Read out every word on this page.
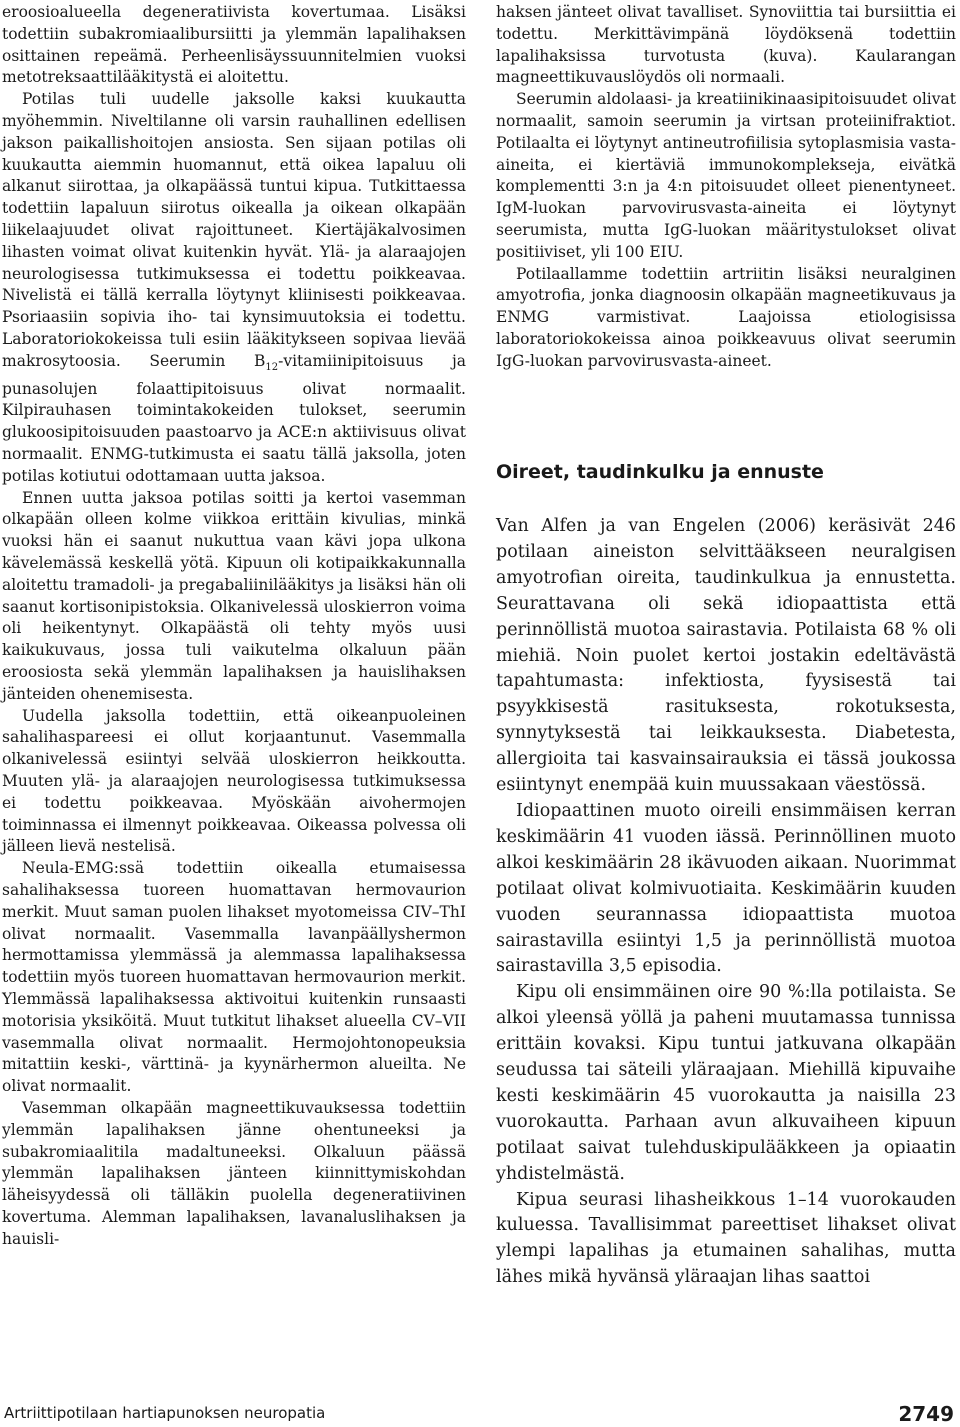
eroosioalueella degeneratiivista kovertumaa. Lisäksi todettiin subakromiaalibursiitti ja ylemmän lapalihaksen osittainen repeämä. Perheenlisäyssuunnitelmien vuoksi metotreksaattilääkitystä ei aloitettu.

Potilas tuli uudelle jaksolle kaksi kuukautta myöhemmin. Niveltilanne oli varsin rauhallinen edellisen jakson paikallishoitojen ansiosta. Sen sijaan potilas oli kuukautta aiemmin huomannut, että oikea lapaluu oli alkanut siirottaa, ja olkapäässä tuntui kipua. Tutkittaessa todettiin lapaluun siirotus oikealla ja oikean olkapään liikelaajuudet olivat rajoittuneet. Kiertäjäkalvosimen lihasten voimat olivat kuitenkin hyvät. Ylä- ja alaraajojen neurologisessa tutkimuksessa ei todettu poikkeavaa. Nivelistä ei tällä kerralla löytynyt kliinisesti poikkeavaa. Psoriaasiin sopivia iho- tai kynsimuutoksia ei todettu. Laboratoriokokeissa tuli esiin lääkitykseen sopivaa lievää makrosytoosia. Seerumin $B_{12}$-vitamiinipitoisuus ja punasolujen folaattipitoisuus olivat normaalit. Kilpirauhasen toimintakokeiden tulokset, seerumin glukoosipitoisuuden paastoarvo ja ACE:n aktiivisuus olivat normaalit. ENMG-tutkimusta ei saatu tällä jaksolla, joten potilas kotiutui odottamaan uutta jaksoa.

Ennen uutta jaksoa potilas soitti ja kertoi vasemman olkapään olleen kolme viikkoa erittäin kivulias, minkä vuoksi hän ei saanut nukuttua vaan kävi jopa ulkona kävelemässä keskellä yötä. Kipuun oli kotipaikkakunnalla aloitettu tramadoli- ja pregabaliinilääkitys ja lisäksi hän oli saanut kortisonipistoksia. Olkanivelessä uloskierron voima oli heikentynyt. Olkapäästä oli tehty myös uusi kaikukuvaus, jossa tuli vaikutelma olkaluun pään eroosiosta sekä ylemmän lapalihaksen ja hauislihaksen jänteiden ohenemisesta.

Uudella jaksolla todettiin, että oikeanpuoleinen sahalihaspareesi ei ollut korjaantunut. Vasemmalla olkanivelessä esiintyi selvää uloskierron heikkoutta. Muuten ylä- ja alaraajojen neurologisessa tutkimuksessa ei todettu poikkeavaa. Myöskään aivohermojen toiminnassa ei ilmennyt poikkeavaa. Oikeassa polvessa oli jälleen lievä nestelisä.

Neula-EMG:ssä todettiin oikealla etumaisessa sahalihaksessa tuoreen huomattavan hermovaurion merkit. Muut saman puolen lihakset myotomeissa CIV–ThI olivat normaalit. Vasemmalla lavanpäällyshermon hermottamissa ylemmässä ja alemmassa lapalihaksessa todettiin myös tuoreen huomattavan hermovaurion merkit. Ylemmässä lapalihaksessa aktivoitui kuitenkin runsaasti motorisia yksiköitä. Muut tutkitut lihakset alueella CV–VII vasemmalla olivat normaalit. Hermojohtonopeuksia mitattiin keski-, värttinä- ja kyynärhermon alueilta. Ne olivat normaalit.

Vasemman olkapään magneettikuvauksessa todettiin ylemmän lapalihaksen jänne ohentuneeksi ja subakromiaalitila madaltuneeksi. Olkaluun päässä ylemmän lapalihaksen jänteen kiinnittymiskohdan läheisyydessä oli tälläkin puolella degeneratiivinen kovertuma. Alemman lapalihaksen, lavanaluslihaksen ja hauisli-

haksen jänteet olivat tavalliset. Synoviittia tai bursiittia ei todettu. Merkittävimpänä löydöksenä todettiin lapalihaksissa turvotusta (kuva). Kaularangan magneettikuvauslöydös oli normaali.

Seerumin aldolaasi- ja kreatiinikinaasipitoisuudet olivat normaalit, samoin seerumin ja virtsan proteiinifraktiot. Potilaalta ei löytynyt antineutrofiilisia sytoplasmisia vasta-aineita, ei kiertäviä immunokomplekseja, eivätkä komplementti 3:n ja 4:n pitoisuudet olleet pienentyneet. IgM-luokan parvovirusvasta-aineita ei löytynyt seerumista, mutta IgG-luokan määritystulokset olivat positiiviset, yli 100 EIU.

Potilaallamme todettiin artriitin lisäksi neuralginen amyotrofia, jonka diagnoosin olkapään magneetikuvaus ja ENMG varmistivat. Laajoissa etiologisissa laboratoriokokeissa ainoa poikkeavuus olivat seerumin IgG-luokan parvovirusvasta-aineet.

Oireet, taudinkulku ja ennuste

Van Alfen ja van Engelen (2006) keräsivät 246 potilaan aineiston selvittääkseen neuralgisen amyotrofian oireita, taudinkulkua ja ennustetta. Seurattavana oli sekä idiopaattista että perinnöllistä muotoa sairastavia. Potilaista 68 % oli miehiä. Noin puolet kertoi jostakin edeltävästä tapahtumasta: infektiosta, fyysisestä tai psyykkisestä rasituksesta, rokotuksesta, synnytyksestä tai leikkauksesta. Diabetesta, allergioita tai kasvainsairauksia ei tässä joukossa esiintynyt enempää kuin muussakaan väestössä.

Idiopaattinen muoto oireili ensimmäisen kerran keskimäärin 41 vuoden iässä. Perinnöllinen muoto alkoi keskimäärin 28 ikävuoden aikaan. Nuorimmat potilaat olivat kolmivuotiaita. Keskimäärin kuuden vuoden seurannassa idiopaattista muotoa sairastavilla esiintyi 1,5 ja perinnöllistä muotoa sairastavilla 3,5 episodia.

Kipu oli ensimmäinen oire 90 %:lla potilaista. Se alkoi yleensä yöllä ja paheni muutamassa tunnissa erittäin kovaksi. Kipu tuntui jatkuvana olkapään seudussa tai säteili yläraajaan. Miehillä kipuvaihe kesti keskimäärin 45 vuorokautta ja naisilla 23 vuorokautta. Parhaan avun alkuvaiheen kipuun potilaat saivat tulehduskipulääkkeen ja opiaatin yhdistelmästä.

Kipua seurasi lihasheikkous 1–14 vuorokauden kuluessa. Tavallisimmat pareettiset lihakset olivat ylempi lapalihas ja etumainen sahalihas, mutta lähes mikä hyvänsä yläraajan lihas saattoi

Artriittipotilaan hartiapunoksen neuropatia	2749
